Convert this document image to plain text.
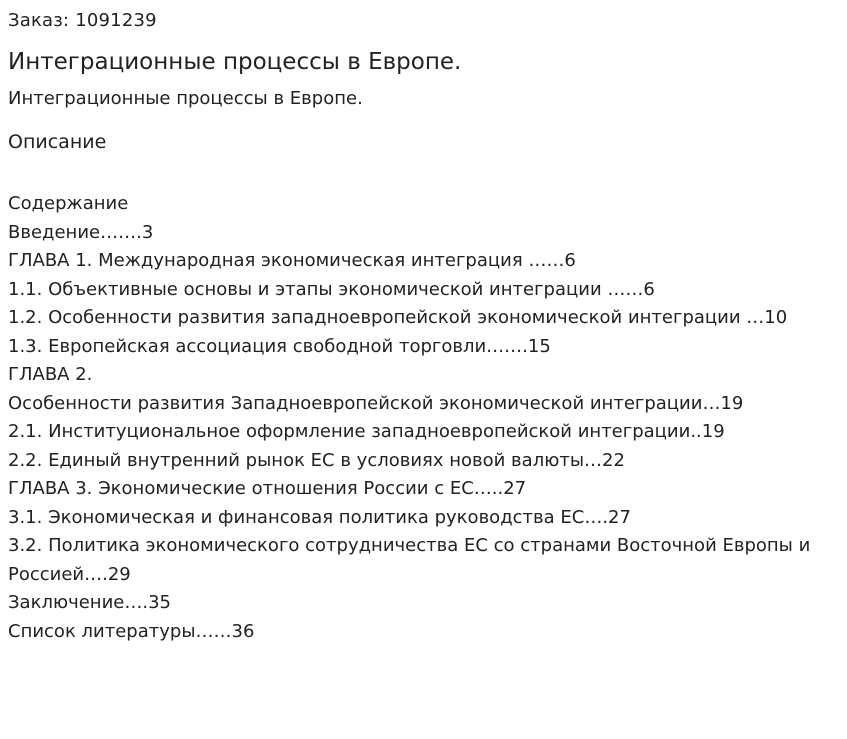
Заказ: 1091239
Интеграционные процессы в Европе.
Интеграционные процессы в Европе.
Описание
Содержание
Введение…….3
ГЛАВА 1. Международная экономическая интеграция ……6
1.1. Объективные основы и этапы экономической интеграции ……6
1.2. Особенности развития западноевропейской экономической интеграции …10
1.3. Европейская ассоциация свободной торговли…….15
ГЛАВА 2.
Особенности развития Западноевропейской экономической интеграции…19
2.1. Институциональное оформление западноевропейской интеграции..19
2.2. Единый внутренний рынок ЕС в условиях новой валюты…22
ГЛАВА 3. Экономические отношения России с ЕС…..27
3.1. Экономическая и финансовая политика руководства ЕС….27
3.2. Политика экономического сотрудничества ЕС со странами Восточной Европы и Россией….29
Заключение….35
Список литературы……36
